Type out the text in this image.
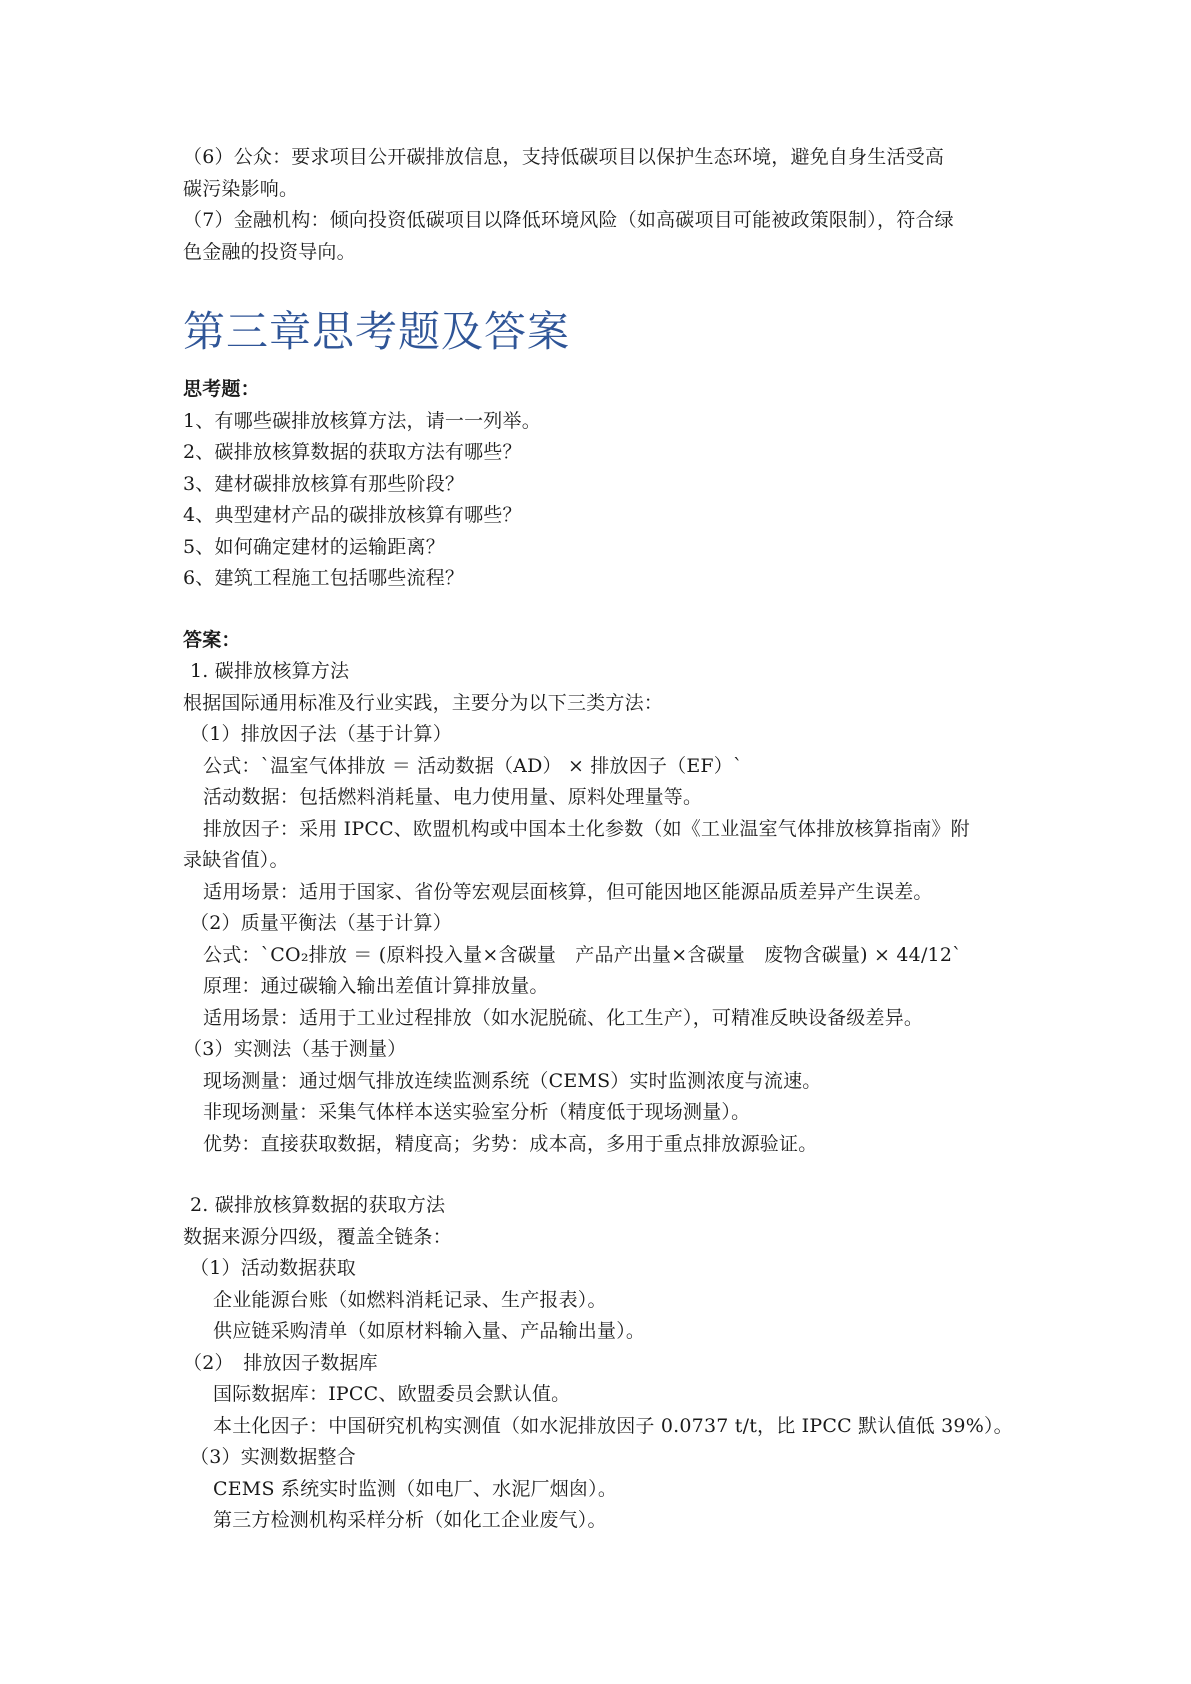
（6）公众：要求项目公开碳排放信息，支持低碳项目以保护生态环境，避免自身生活受高
碳污染影响。
（7）金融机构：倾向投资低碳项目以降低环境风险（如高碳项目可能被政策限制），符合绿
色金融的投资导向。
第三章思考题及答案
思考题：
1、有哪些碳排放核算方法，请一一列举。
2、碳排放核算数据的获取方法有哪些？
3、建材碳排放核算有那些阶段？
4、典型建材产品的碳排放核算有哪些？
5、如何确定建材的运输距离？
6、建筑工程施工包括哪些流程？
答案：
1. 碳排放核算方法
根据国际通用标准及行业实践，主要分为以下三类方法：
（1）排放因子法（基于计算）
公式：`温室气体排放 ＝ 活动数据（AD） × 排放因子（EF）`
活动数据：包括燃料消耗量、电力使用量、原料处理量等。
排放因子：采用 IPCC、欧盟机构或中国本土化参数（如《工业温室气体排放核算指南》附
录缺省值）。
适用场景：适用于国家、省份等宏观层面核算，但可能因地区能源品质差异产生误差。
（2）质量平衡法（基于计算）
公式：`CO₂排放 ＝ (原料投入量×含碳量　产品产出量×含碳量　废物含碳量) × 44/12`
原理：通过碳输入输出差值计算排放量。
适用场景：适用于工业过程排放（如水泥脱硫、化工生产），可精准反映设备级差异。
（3）实测法（基于测量）
现场测量：通过烟气排放连续监测系统（CEMS）实时监测浓度与流速。
非现场测量：采集气体样本送实验室分析（精度低于现场测量）。
优势：直接获取数据，精度高；劣势：成本高，多用于重点排放源验证。
2. 碳排放核算数据的获取方法
数据来源分四级，覆盖全链条：
（1）活动数据获取
企业能源台账（如燃料消耗记录、生产报表）。
供应链采购清单（如原材料输入量、产品输出量）。
（2）　排放因子数据库
国际数据库：IPCC、欧盟委员会默认值。
本土化因子：中国研究机构实测值（如水泥排放因子 0.0737 t/t，比 IPCC 默认值低 39%）。
（3）实测数据整合
CEMS 系统实时监测（如电厂、水泥厂烟囱）。
第三方检测机构采样分析（如化工企业废气）。
